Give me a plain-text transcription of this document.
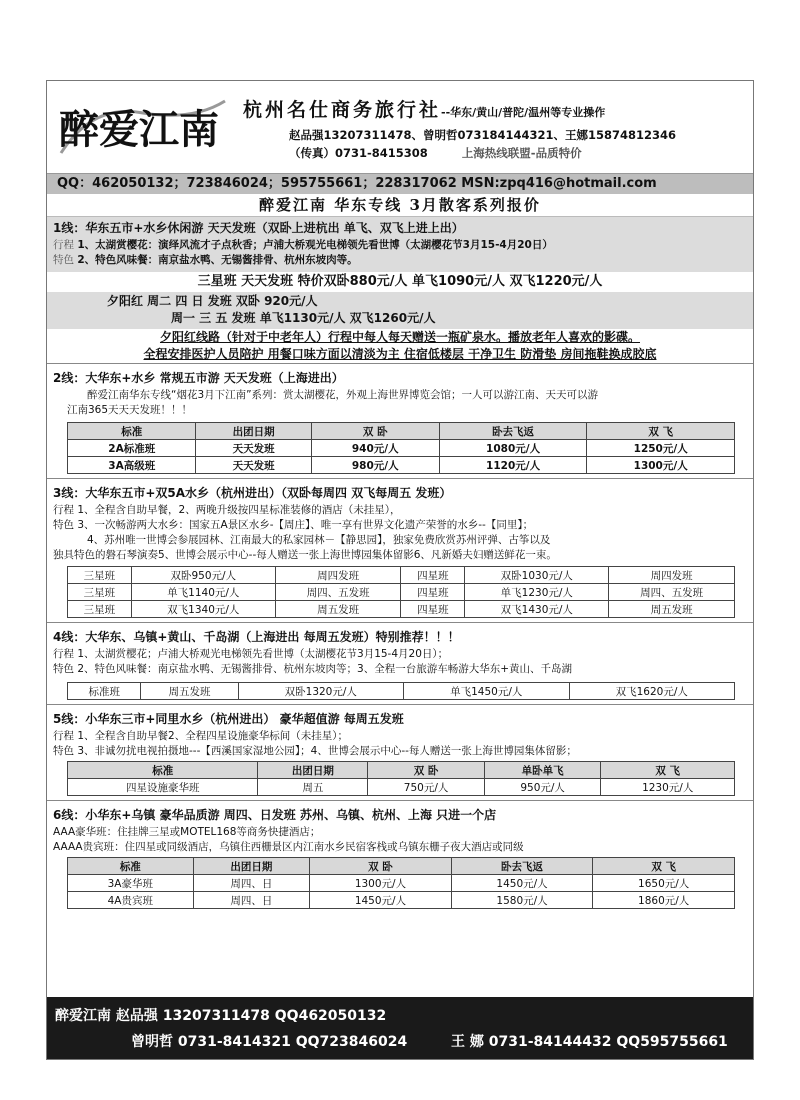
醉爱江南 杭州名仕商务旅行社--华东/黄山/普陀/温州等专业操作
赵品强13207311478、曾明哲073184144321、王娜15874812346
（传真）0731-8415308	上海热线联盟-品质特价
QQ：462050132；723846024；595755661；228317062 MSN:zpq416@hotmail.com
醉爱江南 华东专线 3月散客系列报价
1线：华东五市+水乡休闲游 天天发班（双卧上进杭出 单飞、双飞上进上出）
行程 1、太湖赏樱花：演绎风流才子点秋香；卢浦大桥观光电梯领先看世博（太湖樱花节3月15-4月20日）
特色 2、特色风味餐：南京盐水鸭、无锡酱排骨、杭州东坡肉等。
三星班 天天发班 特价双卧880元/人 单飞1090元/人 双飞1220元/人
夕阳红 周二 四 日 发班 双卧 920元/人
周一 三 五 发班 单飞1130元/人 双飞1260元/人
夕阳红线路（针对于中老年人）行程中每人每天赠送一瓶矿泉水。播放老年人喜欢的影碟。
全程安排医护人员陪护 用餐口味方面以清淡为主 住宿低楼层 干净卫生 防滑垫 房间拖鞋换成胶底
2线：大华东+水乡 常规五市游 天天发班（上海进出）
醉爱江南华东专线“烟花3月下江南”系列：赏太湖樱花，外观上海世界博览会馆；一人可以游江南、天天可以游
江南365天天天发班！！！
标准	出团日期	双 卧	卧去飞返	双 飞
2A标准班	天天发班	940元/人	1080元/人	1250元/人
3A高级班	天天发班	980元/人	1120元/人	1300元/人
3线：大华东五市+双5A水乡（杭州进出）（双卧每周四 双飞每周五 发班）
行程 1、全程含自助早餐，2、两晚升级按四星标准装修的酒店（未挂星），
特色 3、一次畅游两大水乡：国家五A景区水乡-【周庄】、唯一享有世界文化遗产荣誉的水乡--【同里】；
4、苏州唯一世博会参展园林、江南最大的私家园林－【静思园】，独家免费欣赏苏州评弹、古筝以及
独具特色的磐石琴演奏5、世博会展示中心--每人赠送一张上海世博园集体留影6、凡新婚夫妇赠送鲜花一束。
三星班	双卧950元/人	周四发班	四星班	双卧1030元/人	周四发班
三星班	单飞1140元/人	周四、五发班	四星班	单飞1230元/人	周四、五发班
三星班	双飞1340元/人	周五发班	四星班	双飞1430元/人	周五发班
4线：大华东、乌镇+黄山、千岛湖（上海进出 每周五发班）特别推荐！！！
行程 1、太湖赏樱花；卢浦大桥观光电梯领先看世博（太湖樱花节3月15-4月20日）；
特色 2、特色风味餐：南京盐水鸭、无锡酱排骨、杭州东坡肉等；3、全程一台旅游车畅游大华东+黄山、千岛湖
标准班	周五发班	双卧1320元/人	单飞1450元/人	双飞1620元/人
5线：小华东三市+同里水乡（杭州进出） 豪华超值游 每周五发班
行程 1、全程含自助早餐2、全程四星设施豪华标间（未挂星）；
特色 3、非诚勿扰电视拍摄地---【西溪国家湿地公园】；4、世博会展示中心--每人赠送一张上海世博园集体留影；
标准	出团日期	双 卧	单卧单飞	双 飞
四星设施豪华班	周五	750元/人	950元/人	1230元/人
6线：小华东+乌镇 豪华品质游 周四、日发班 苏州、乌镇、杭州、上海 只进一个店
AAA豪华班：住挂牌三星或MOTEL168等商务快捷酒店；
AAAA贵宾班：住四星或同级酒店，乌镇住西栅景区内江南水乡民宿客栈或乌镇东栅子夜大酒店或同级
标准	出团日期	双 卧	卧去飞返	双 飞
3A豪华班	周四、日	1300元/人	1450元/人	1650元/人
4A贵宾班	周四、日	1450元/人	1580元/人	1860元/人
醉爱江南 赵品强 13207311478 QQ462050132
曾明哲 0731-8414321 QQ723846024	王 娜 0731-84144432 QQ595755661
